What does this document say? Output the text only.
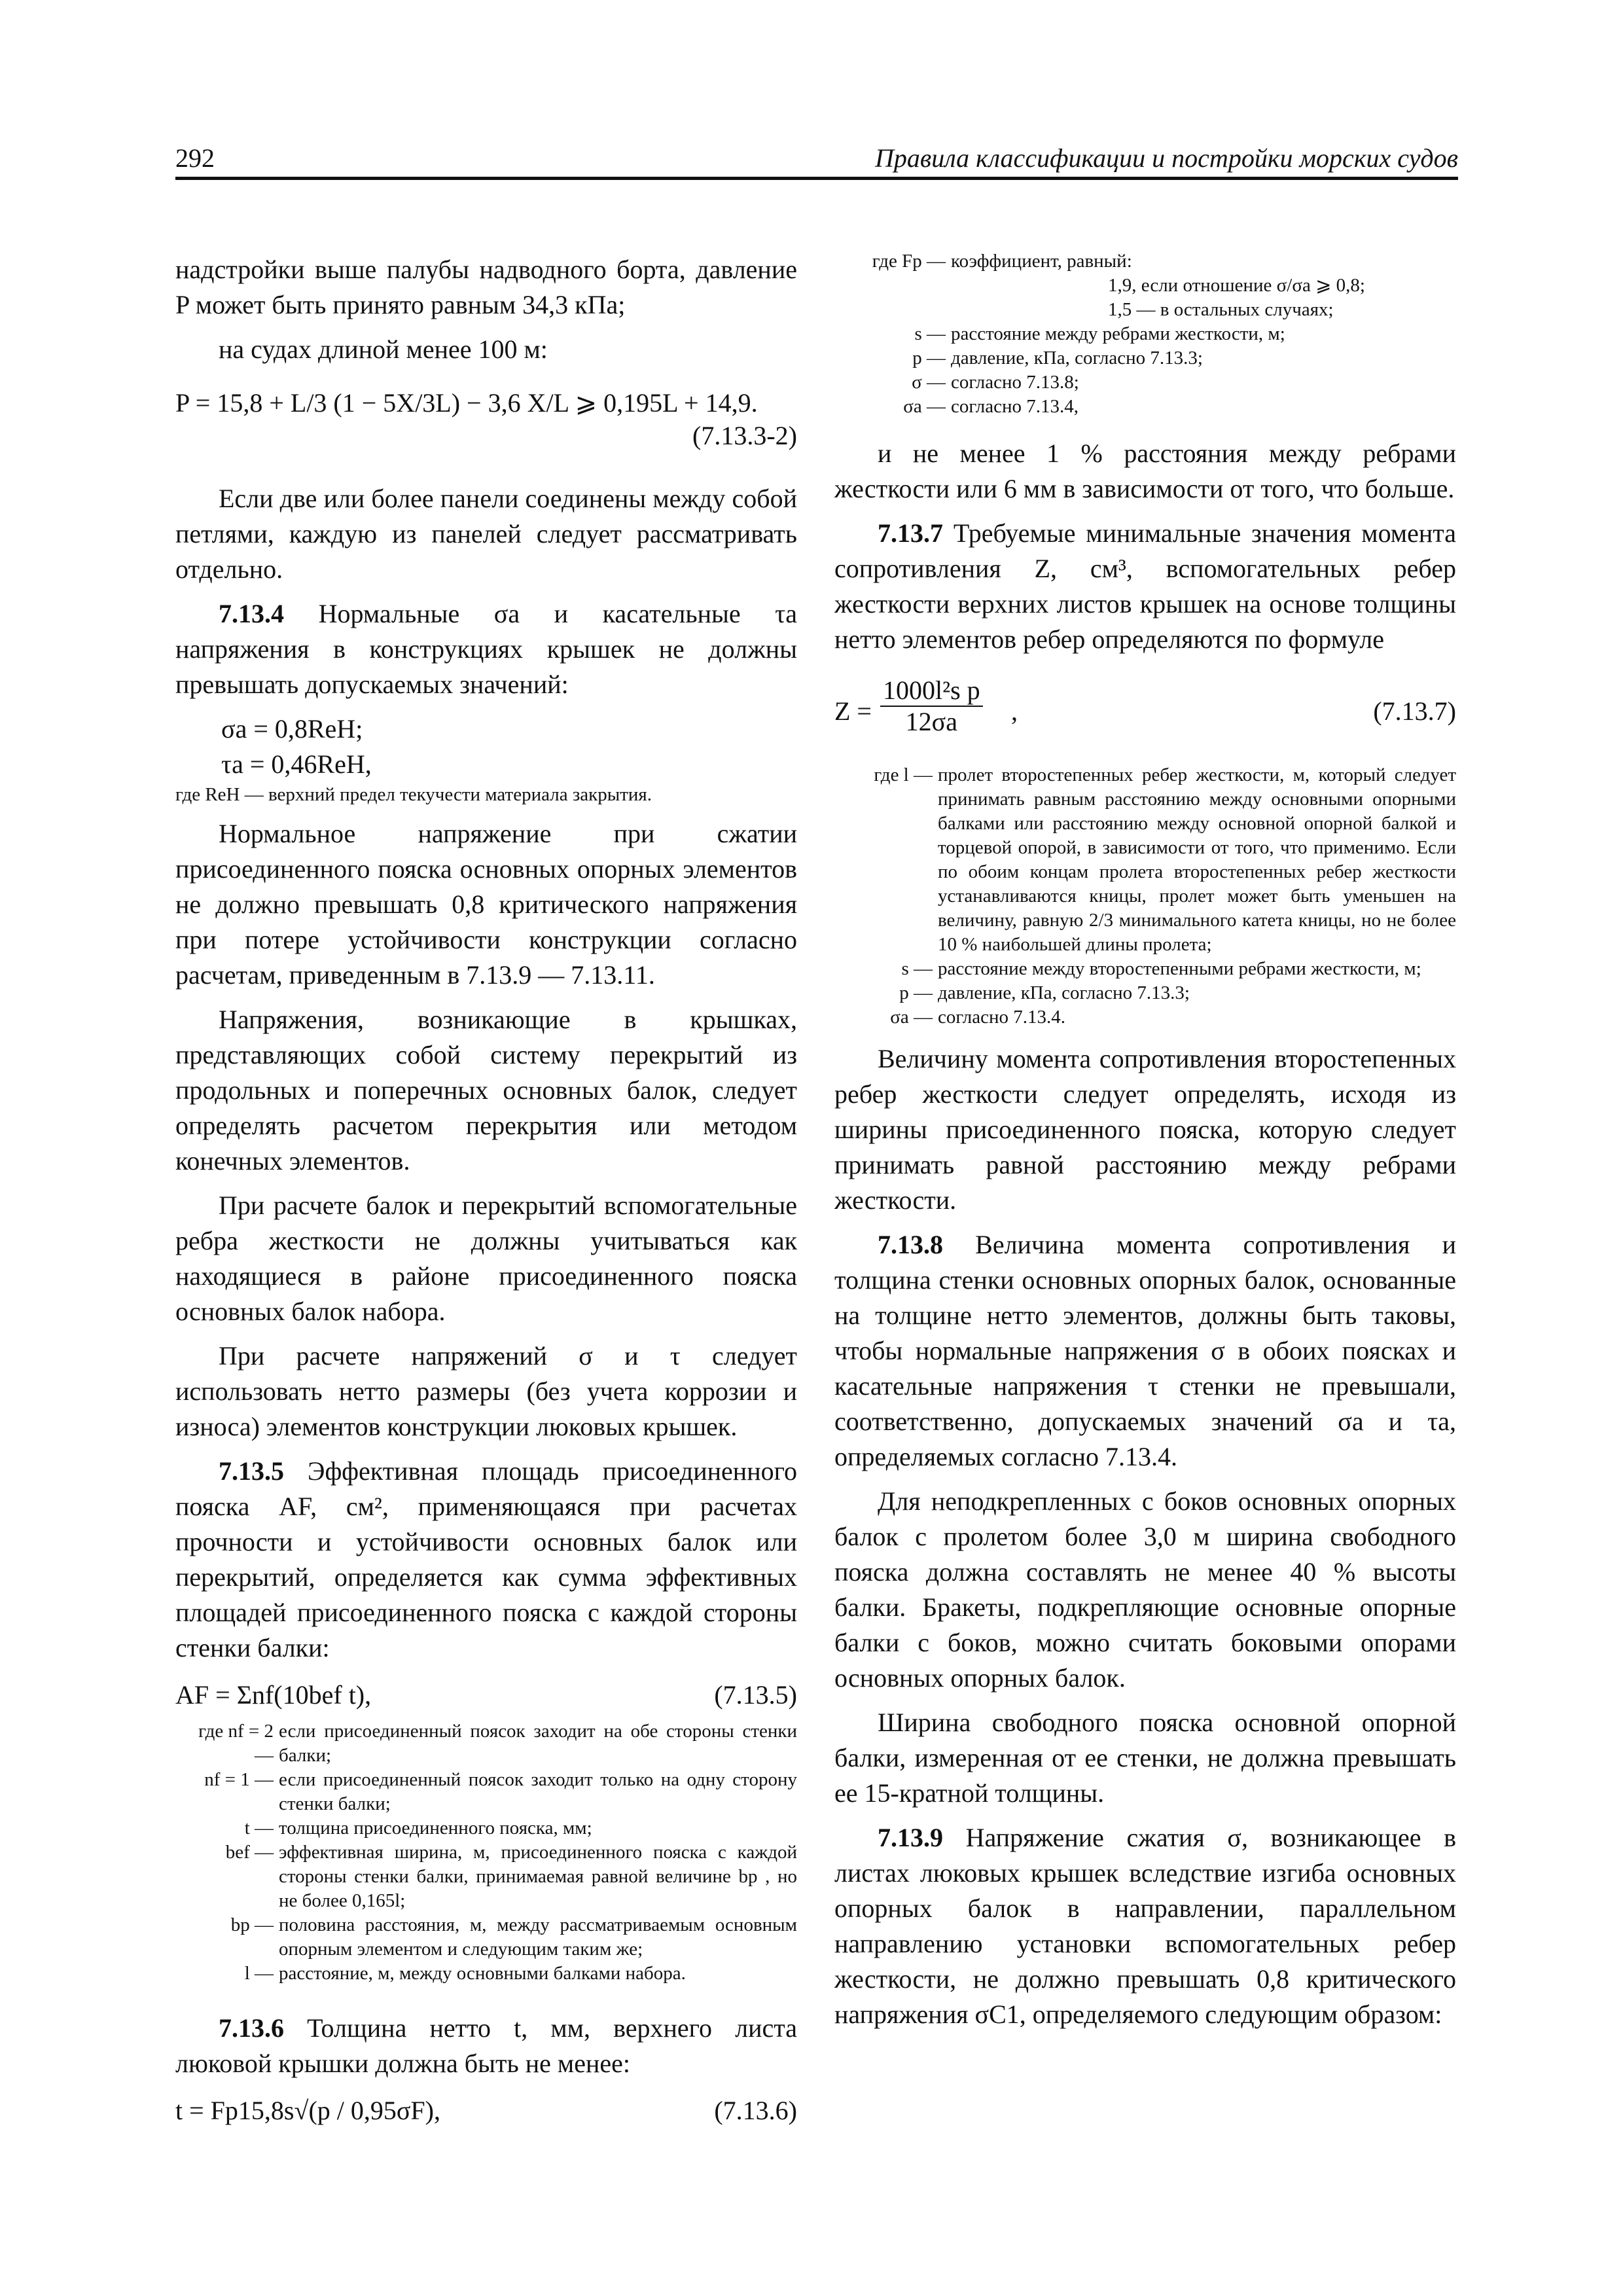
292	Правила классификации и постройки морских судов

надстройки выше палубы надводного борта, давление P может быть принято равным 34,3 кПа;

на судах длиной менее 100 м:

P = 15,8 + L/3 (1 − 5X/3L) − 3,6 X/L ⩾ 0,195L + 14,9.
(7.13.3-2)

Если две или более панели соединены между собой петлями, каждую из панелей следует рассматривать отдельно.

7.13.4 Нормальные σa и касательные τa напряжения в конструкциях крышек не должны превышать допускаемых значений:

σa = 0,8ReH;
τa = 0,46ReH,

где ReH — верхний предел текучести материала закрытия.

Нормальное напряжение при сжатии присоединенного пояска основных опорных элементов не должно превышать 0,8 критического напряжения при потере устойчивости конструкции согласно расчетам, приведенным в 7.13.9 — 7.13.11.

Напряжения, возникающие в крышках, представляющих собой систему перекрытий из продольных и поперечных основных балок, следует определять расчетом перекрытия или методом конечных элементов.

При расчете балок и перекрытий вспомогательные ребра жесткости не должны учитываться как находящиеся в районе присоединенного пояска основных балок набора.

При расчете напряжений σ и τ следует использовать нетто размеры (без учета коррозии и износа) элементов конструкции люковых крышек.

7.13.5 Эффективная площадь присоединенного пояска AF, см², применяющаяся при расчетах прочности и устойчивости основных балок или перекрытий, определяется как сумма эффективных площадей присоединенного пояска с каждой стороны стенки балки:

AF = Σnf(10bef t),	(7.13.5)
где nf = 2 —
если присоединенный поясок заходит на обе стороны стенки балки;
nf = 1 — если присоединенный поясок заходит только на одну сторону стенки балки;
t — толщина присоединенного пояска, мм;
bef — эффективная ширина, м, присоединенного пояска с каждой стороны стенки балки, принимаемая равной величине bp , но не более 0,165l;
bp — половина расстояния, м, между рассматриваемым основным опорным элементом и следующим таким же;
l — расстояние, м, между основными балками набора.

7.13.6 Толщина нетто t, мм, верхнего листа люковой крышки должна быть не менее:

t = Fp15,8s√(p / 0,95σF),	(7.13.6)
где Fp — коэффициент, равный:
1,9, если отношение σ/σa ⩾ 0,8;
1,5 — в остальных случаях;
s — расстояние между ребрами жесткости, м;
p — давление, кПа, согласно 7.13.3;
σ — согласно 7.13.8;
σa — согласно 7.13.4,

и не менее 1 % расстояния между ребрами жесткости или 6 мм в зависимости от того, что больше.

7.13.7 Требуемые минимальные значения момента сопротивления Z, см³, вспомогательных ребер жесткости верхних листов крышек на основе толщины нетто элементов ребер определяются по формуле

$Z = \frac{\text{1000l²s p}}{12\sigma a}$ ,	(7.13.7)
где l — пролет второстепенных ребер жесткости, м, который следует принимать равным расстоянию между основными опорными балками или расстоянию между основной опорной балкой и торцевой опорой, в зависимости от того, что применимо. Если по обоим концам пролета второстепенных ребер жесткости устанавливаются кницы, пролет может быть уменьшен на величину, равную 2/3 минимального катета кницы, но не более 10 % наибольшей длины пролета;
s — расстояние между второстепенными ребрами жесткости, м;
p — давление, кПа, согласно 7.13.3;
σa — согласно 7.13.4.

Величину момента сопротивления второстепенных ребер жесткости следует определять, исходя из ширины присоединенного пояска, которую следует принимать равной расстоянию между ребрами жесткости.

7.13.8 Величина момента сопротивления и толщина стенки основных опорных балок, основанные на толщине нетто элементов, должны быть таковы, чтобы нормальные напряжения σ в обоих поясках и касательные напряжения τ стенки не превышали, соответственно, допускаемых значений σa и τa, определяемых согласно 7.13.4.

Для неподкрепленных с боков основных опорных балок с пролетом более 3,0 м ширина свободного пояска должна составлять не менее 40 % высоты балки. Бракеты, подкрепляющие основные опорные балки с боков, можно считать боковыми опорами основных опорных балок.

Ширина свободного пояска основной опорной балки, измеренная от ее стенки, не должна превышать ее 15-кратной толщины.

7.13.9 Напряжение сжатия σ, возникающее в листах люковых крышек вследствие изгиба основных опорных балок в направлении, параллельном направлению установки вспомогательных ребер жесткости, не должно превышать 0,8 критического напряжения σC1, определяемого следующим образом:
